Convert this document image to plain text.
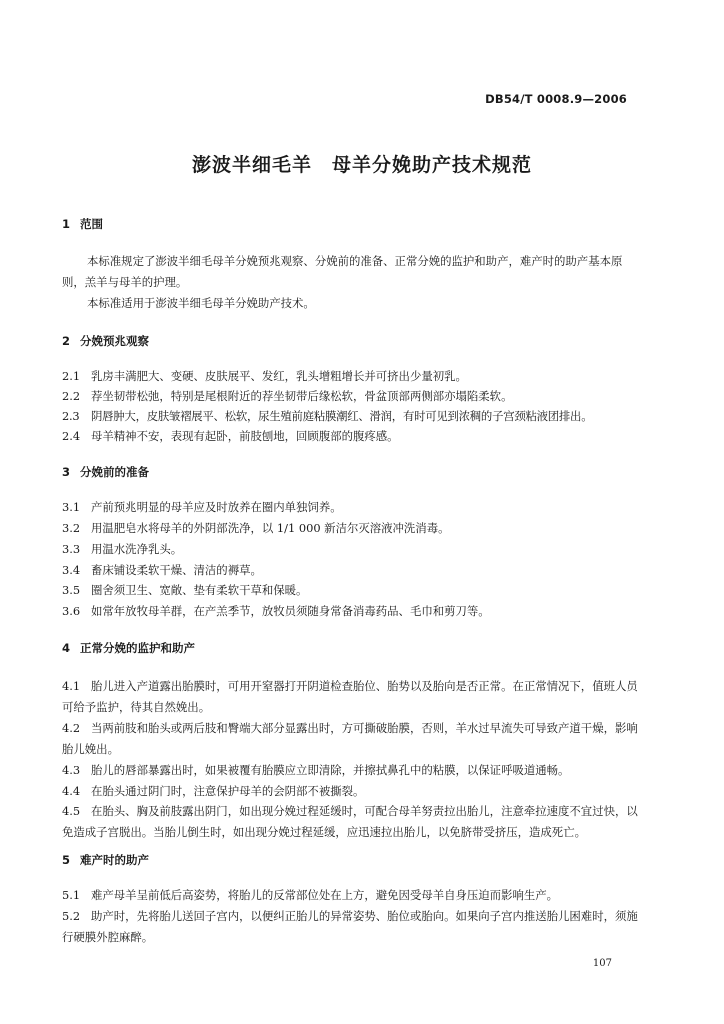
DB54/T 0008.9—2006
澎波半细毛羊　母羊分娩助产技术规范
1 范围
本标准规定了澎波半细毛母羊分娩预兆观察、分娩前的准备、正常分娩的监护和助产，难产时的助产基本原则，羔羊与母羊的护理。
本标准适用于澎波半细毛母羊分娩助产技术。
2 分娩预兆观察
2.1 乳房丰满肥大、变硬、皮肤展平、发红，乳头增粗增长并可挤出少量初乳。
2.2 荐坐韧带松弛，特别是尾根附近的荐坐韧带后缘松软，骨盆顶部两侧部亦塌陷柔软。
2.3 阴唇肿大，皮肤皱褶展平、松软，尿生殖前庭粘膜潮红、滑润，有时可见到浓稠的子宫颈粘液团排出。
2.4 母羊精神不安，表现有起卧，前肢刨地，回顾腹部的腹疼感。
3 分娩前的准备
3.1 产前预兆明显的母羊应及时放养在圈内单独饲养。
3.2 用温肥皂水将母羊的外阴部洗净，以 1/1 000 新洁尔灭溶液冲洗消毒。
3.3 用温水洗净乳头。
3.4 畜床铺设柔软干燥、清洁的褥草。
3.5 圈舍须卫生、宽敞、垫有柔软干草和保暖。
3.6 如常年放牧母羊群，在产羔季节，放牧员须随身常备消毒药品、毛巾和剪刀等。
4 正常分娩的监护和助产
4.1 胎儿进入产道露出胎膜时，可用开窒器打开阴道检查胎位、胎势以及胎向是否正常。在正常情况下，值班人员可给予监护，待其自然娩出。
4.2 当两前肢和胎头或两后肢和臀端大部分显露出时，方可撕破胎膜，否则，羊水过早流失可导致产道干燥，影响胎儿娩出。
4.3 胎儿的唇部暴露出时，如果被覆有胎膜应立即清除，并擦拭鼻孔中的粘膜，以保证呼吸道通畅。
4.4 在胎头通过阴门时，注意保护母羊的会阴部不被撕裂。
4.5 在胎头、胸及前肢露出阴门，如出现分娩过程延缓时，可配合母羊努责拉出胎儿，注意牵拉速度不宜过快，以免造成子宫脱出。当胎儿倒生时，如出现分娩过程延缓，应迅速拉出胎儿，以免脐带受挤压，造成死亡。
5 难产时的助产
5.1 难产母羊呈前低后高姿势，将胎儿的反常部位处在上方，避免因受母羊自身压迫而影响生产。
5.2 助产时，先将胎儿送回子宫内，以便纠正胎儿的异常姿势、胎位或胎向。如果向子宫内推送胎儿困难时，须施行硬膜外腔麻醉。
107
